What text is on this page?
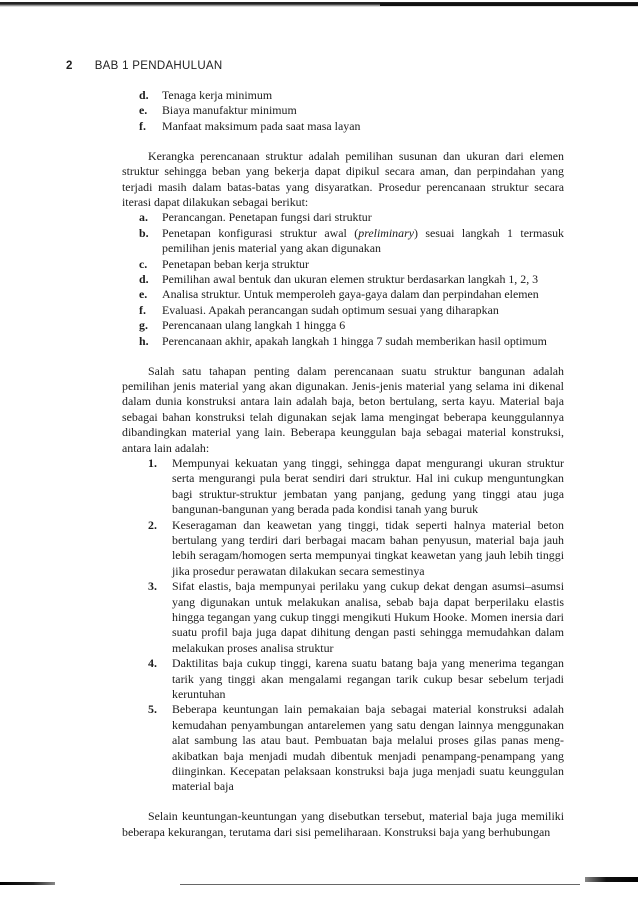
2 BAB 1 PENDAHULUAN
d.	Tenaga kerja minimum
e.	Biaya manufaktur minimum
f.	Manfaat maksimum pada saat masa layan

Kerangka perencanaan struktur adalah pemilihan susunan dan ukuran dari elemen struktur sehingga beban yang bekerja dapat dipikul secara aman, dan perpindahan yang terjadi masih dalam batas-batas yang disyaratkan. Prosedur perencanaan struktur secara iterasi dapat dilakukan sebagai berikut:

a.	Perancangan. Penetapan fungsi dari struktur
b.	Penetapan konfigurasi struktur awal (preliminary) sesuai langkah 1 termasuk pemilihan jenis material yang akan digunakan
c.	Penetapan beban kerja struktur
d.	Pemilihan awal bentuk dan ukuran elemen struktur berdasarkan langkah 1, 2, 3
e.	Analisa struktur. Untuk memperoleh gaya-gaya dalam dan perpindahan elemen
f.	Evaluasi. Apakah perancangan sudah optimum sesuai yang diharapkan
g.	Perencanaan ulang langkah 1 hingga 6
h.	Perencanaan akhir, apakah langkah 1 hingga 7 sudah memberikan hasil optimum

Salah satu tahapan penting dalam perencanaan suatu struktur bangunan adalah pemilihan jenis material yang akan digunakan. Jenis-jenis material yang selama ini dikenal dalam dunia konstruksi antara lain adalah baja, beton bertulang, serta kayu. Material baja sebagai bahan konstruksi telah digunakan sejak lama mengingat beberapa keunggulannya dibandingkan material yang lain. Beberapa keunggulan baja sebagai material konstruksi, antara lain adalah:

1.	Mempunyai kekuatan yang tinggi, sehingga dapat mengurangi ukuran struktur serta mengurangi pula berat sendiri dari struktur. Hal ini cukup menguntungkan bagi struktur-struktur jembatan yang panjang, gedung yang tinggi atau juga bangunan-bangunan yang berada pada kondisi tanah yang buruk
2.	Keseragaman dan keawetan yang tinggi, tidak seperti halnya material beton bertulang yang terdiri dari berbagai macam bahan penyusun, material baja jauh lebih seragam/homogen serta mempunyai tingkat keawetan yang jauh lebih tinggi jika prosedur perawatan dilakukan secara semestinya
3.	Sifat elastis, baja mempunyai perilaku yang cukup dekat dengan asumsi–asumsi yang digunakan untuk melakukan analisa, sebab baja dapat berperilaku elastis hingga tegangan yang cukup tinggi mengikuti Hukum Hooke. Momen inersia dari suatu profil baja juga dapat dihitung dengan pasti sehingga memudahkan dalam melakukan proses analisa struktur
4.	Daktilitas baja cukup tinggi, karena suatu batang baja yang menerima tegangan tarik yang tinggi akan mengalami regangan tarik cukup besar sebelum terjadi keruntuhan
5.	Beberapa keuntungan lain pemakaian baja sebagai material konstruksi adalah kemudahan penyambungan antarelemen yang satu dengan lainnya menggunakan alat sambung las atau baut. Pembuatan baja melalui proses gilas panas meng-akibatkan baja menjadi mudah dibentuk menjadi penampang-penampang yang diinginkan. Kecepatan pelaksaan konstruksi baja juga menjadi suatu keunggulan material baja

Selain keuntungan-keuntungan yang disebutkan tersebut, material baja juga memiliki beberapa kekurangan, terutama dari sisi pemeliharaan. Konstruksi baja yang berhubungan
